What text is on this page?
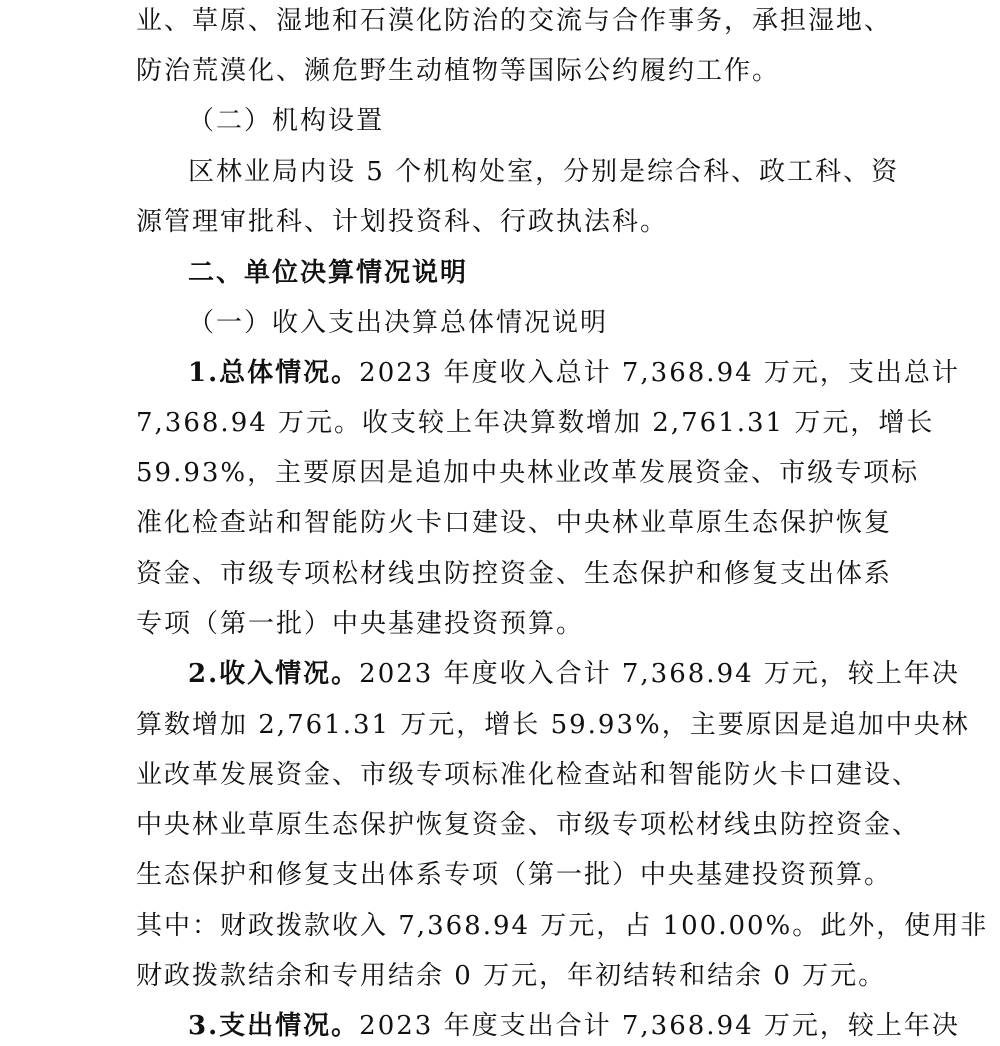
业、草原、湿地和石漠化防治的交流与合作事务，承担湿地、
防治荒漠化、濒危野生动植物等国际公约履约工作。
（二）机构设置
区林业局内设 5 个机构处室，分别是综合科、政工科、资
源管理审批科、计划投资科、行政执法科。
二、单位决算情况说明
（一）收入支出决算总体情况说明
1.总体情况。2023 年度收入总计 7,368.94 万元，支出总计
7,368.94 万元。收支较上年决算数增加 2,761.31 万元，增长
59.93%，主要原因是追加中央林业改革发展资金、市级专项标
准化检查站和智能防火卡口建设、中央林业草原生态保护恢复
资金、市级专项松材线虫防控资金、生态保护和修复支出体系
专项（第一批）中央基建投资预算。
2.收入情况。2023 年度收入合计 7,368.94 万元，较上年决
算数增加 2,761.31 万元，增长 59.93%，主要原因是追加中央林
业改革发展资金、市级专项标准化检查站和智能防火卡口建设、
中央林业草原生态保护恢复资金、市级专项松材线虫防控资金、
生态保护和修复支出体系专项（第一批）中央基建投资预算。
其中：财政拨款收入 7,368.94 万元，占 100.00%。此外，使用非
财政拨款结余和专用结余 0 万元，年初结转和结余 0 万元。
3.支出情况。2023 年度支出合计 7,368.94 万元，较上年决
